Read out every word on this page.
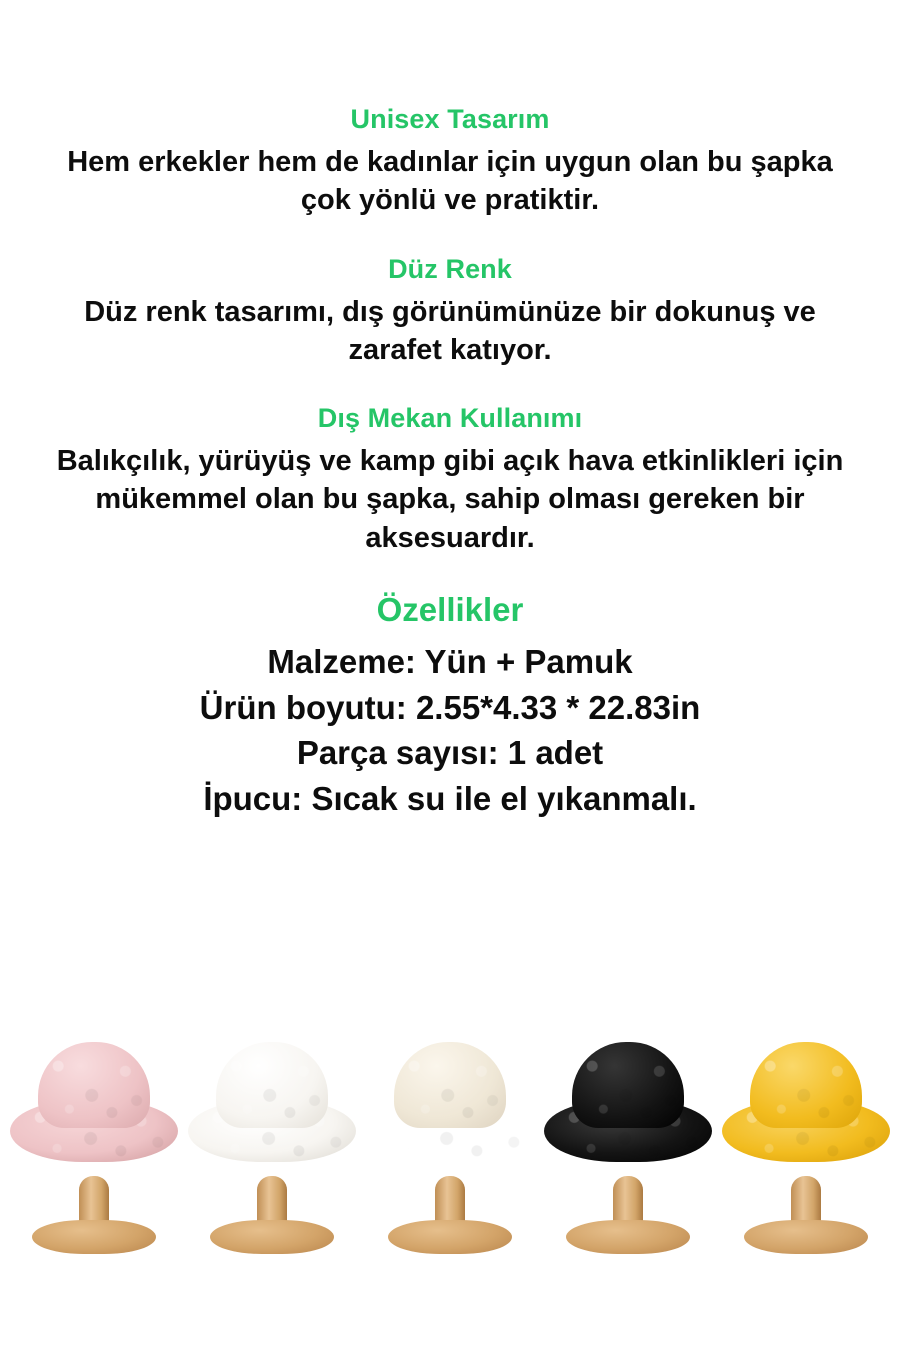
Unisex Tasarım
Hem erkekler hem de kadınlar için uygun olan bu şapka çok yönlü ve pratiktir.
Düz Renk
Düz renk tasarımı, dış görünümünüze bir dokunuş ve zarafet katıyor.
Dış Mekan Kullanımı
Balıkçılık, yürüyüş ve kamp gibi açık hava etkinlikleri için mükemmel olan bu şapka, sahip olması gereken bir aksesuardır.
Özellikler
Malzeme: Yün + Pamuk
Ürün boyutu: 2.55*4.33 * 22.83in
Parça sayısı: 1 adet
İpucu: Sıcak su ile el yıkanmalı.
